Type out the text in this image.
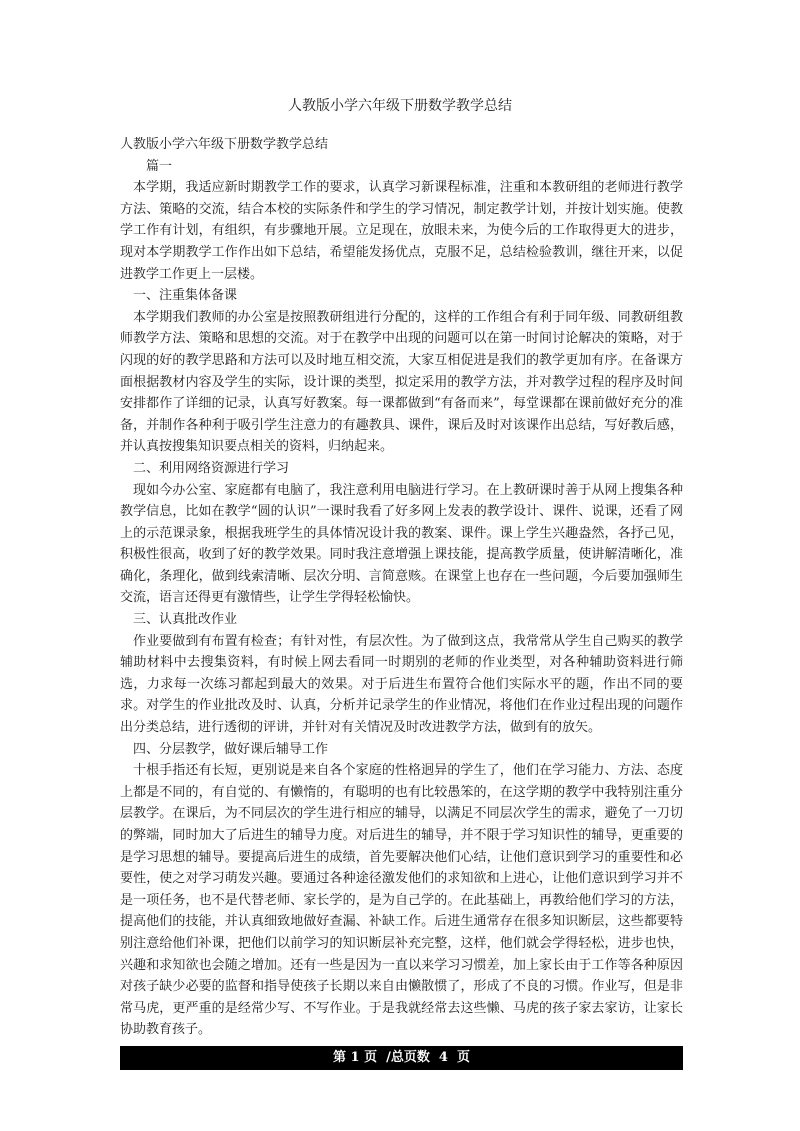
人教版小学六年级下册数学教学总结

人教版小学六年级下册数学教学总结

篇一

本学期，我适应新时期教学工作的要求，认真学习新课程标准，注重和本教研组的老师进行教学方法、策略的交流，结合本校的实际条件和学生的学习情况，制定教学计划，并按计划实施。使教学工作有计划，有组织，有步骤地开展。立足现在，放眼未来，为使今后的工作取得更大的进步，现对本学期教学工作作出如下总结，希望能发扬优点，克服不足，总结检验教训，继往开来，以促进教学工作更上一层楼。

一、注重集体备课

本学期我们教师的办公室是按照教研组进行分配的，这样的工作组合有利于同年级、同教研组教师教学方法、策略和思想的交流。对于在教学中出现的问题可以在第一时间讨论解决的策略，对于闪现的好的教学思路和方法可以及时地互相交流，大家互相促进是我们的教学更加有序。在备课方面根据教材内容及学生的实际，设计课的类型，拟定采用的教学方法，并对教学过程的程序及时间安排都作了详细的记录，认真写好教案。每一课都做到“有备而来”，每堂课都在课前做好充分的准备，并制作各种利于吸引学生注意力的有趣教具、课件，课后及时对该课作出总结，写好教后感，并认真按搜集知识要点相关的资料，归纳起来。

二、利用网络资源进行学习

现如今办公室、家庭都有电脑了，我注意利用电脑进行学习。在上教研课时善于从网上搜集各种教学信息，比如在教学“圆的认识”一课时我看了好多网上发表的教学设计、课件、说课，还看了网上的示范课录象，根据我班学生的具体情况设计我的教案、课件。课上学生兴趣盎然，各抒己见，积极性很高，收到了好的教学效果。同时我注意增强上课技能，提高教学质量，使讲解清晰化，准确化，条理化，做到线索清晰、层次分明、言简意赅。在课堂上也存在一些问题，今后要加强师生交流，语言还得更有激情些，让学生学得轻松愉快。

三、认真批改作业

作业要做到有布置有检查；有针对性，有层次性。为了做到这点，我常常从学生自己购买的教学辅助材料中去搜集资料，有时候上网去看同一时期别的老师的作业类型，对各种辅助资料进行筛选，力求每一次练习都起到最大的效果。对于后进生布置符合他们实际水平的题，作出不同的要求。对学生的作业批改及时、认真，分析并记录学生的作业情况，将他们在作业过程出现的问题作出分类总结，进行透彻的评讲，并针对有关情况及时改进教学方法，做到有的放矢。

四、分层教学，做好课后辅导工作

十根手指还有长短，更别说是来自各个家庭的性格迥异的学生了，他们在学习能力、方法、态度上都是不同的，有自觉的、有懒惰的，有聪明的也有比较愚笨的，在这学期的教学中我特别注重分层教学。在课后，为不同层次的学生进行相应的辅导，以满足不同层次学生的需求，避免了一刀切的弊端，同时加大了后进生的辅导力度。对后进生的辅导，并不限于学习知识性的辅导，更重要的是学习思想的辅导。要提高后进生的成绩，首先要解决他们心结，让他们意识到学习的重要性和必要性，使之对学习萌发兴趣。要通过各种途径激发他们的求知欲和上进心，让他们意识到学习并不是一项任务，也不是代替老师、家长学的，是为自己学的。在此基础上，再教给他们学习的方法，提高他们的技能，并认真细致地做好查漏、补缺工作。后进生通常存在很多知识断层，这些都要特别注意给他们补课，把他们以前学习的知识断层补充完整，这样，他们就会学得轻松，进步也快，兴趣和求知欲也会随之增加。还有一些是因为一直以来学习习惯差，加上家长由于工作等各种原因对孩子缺少必要的监督和指导使孩子长期以来自由懒散惯了，形成了不良的习惯。作业写，但是非常马虎，更严重的是经常少写、不写作业。于是我就经常去这些懒、马虎的孩子家去家访，让家长协助教育孩子。

第 1 页  /总页数  4  页
